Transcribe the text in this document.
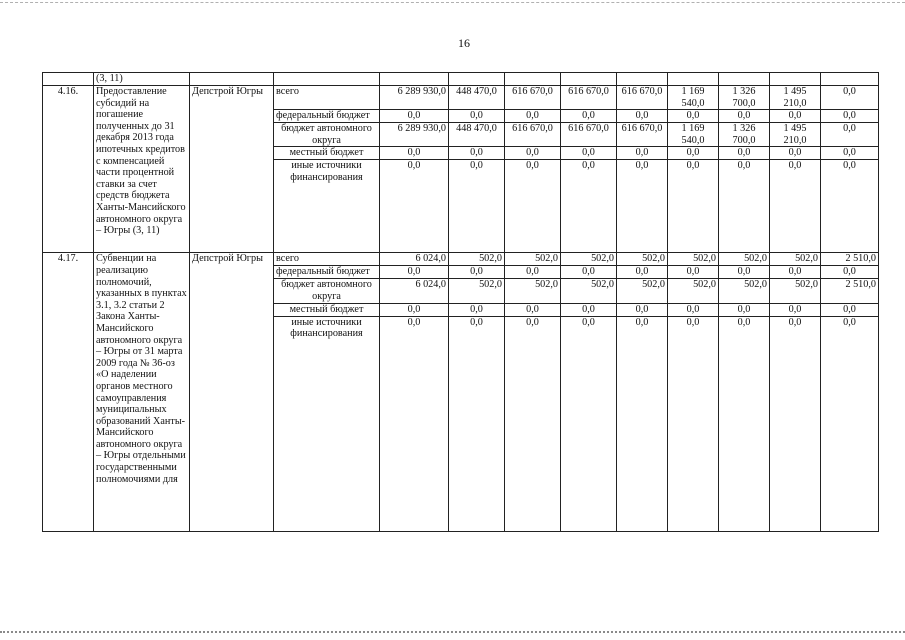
16
	(3, 11)											
4.16.	Предоставление субсидий на погашение полученных до 31 декабря 2013 года ипотечных кредитов с компенсацией части процентной ставки за счет средств бюджета Ханты-Мансийского автономного округа – Югры (3, 11)	Депстрой Югры	всего	6 289 930,0	448 470,0	616 670,0	616 670,0	616 670,0	1 169 540,0	1 326 700,0	1 495 210,0	0,0
			федеральный бюджет	0,0	0,0	0,0	0,0	0,0	0,0	0,0	0,0	0,0
			бюджет автономного округа	6 289 930,0	448 470,0	616 670,0	616 670,0	616 670,0	1 169 540,0	1 326 700,0	1 495 210,0	0,0
			местный бюджет	0,0	0,0	0,0	0,0	0,0	0,0	0,0	0,0	0,0
			иные источники финансирования	0,0	0,0	0,0	0,0	0,0	0,0	0,0	0,0	0,0
4.17.	Субвенции на реализацию полномочий, указанных в пунктах 3.1, 3.2 статьи 2 Закона Ханты-Мансийского автономного округа – Югры от 31 марта 2009 года № 36-оз «О наделении органов местного самоуправления муниципальных образований Ханты-Мансийского автономного округа – Югры отдельными государственными полномочиями для	Депстрой Югры	всего	6 024,0	502,0	502,0	502,0	502,0	502,0	502,0	502,0	2 510,0
			федеральный бюджет	0,0	0,0	0,0	0,0	0,0	0,0	0,0	0,0	0,0
			бюджет автономного округа	6 024,0	502,0	502,0	502,0	502,0	502,0	502,0	502,0	2 510,0
			местный бюджет	0,0	0,0	0,0	0,0	0,0	0,0	0,0	0,0	0,0
			иные источники финансирования	0,0	0,0	0,0	0,0	0,0	0,0	0,0	0,0	0,0
